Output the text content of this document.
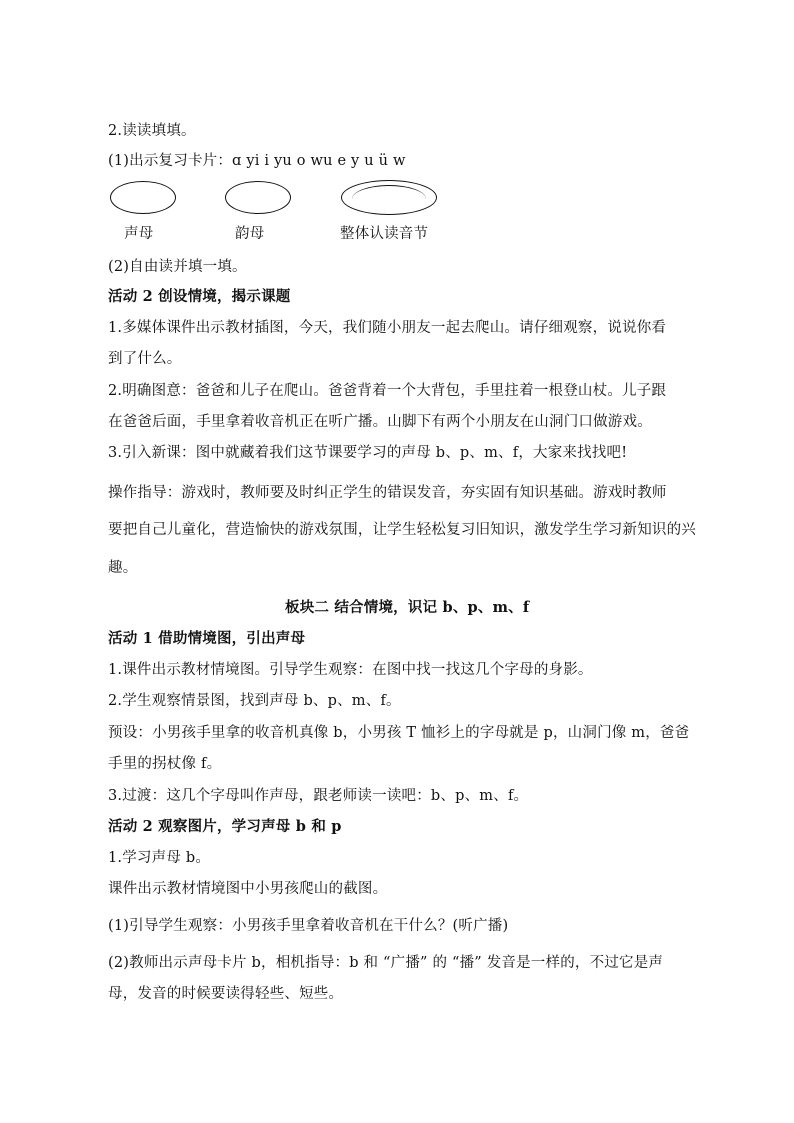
2.读读填填。
(1)出示复习卡片：ɑ yi i yu o wu e y u ü w
声母	韵母	整体认读音节
(2)自由读并填一填。
活动 2 创设情境，揭示课题
1.多媒体课件出示教材插图，今天，我们随小朋友一起去爬山。请仔细观察，说说你看
到了什么。
2.明确图意：爸爸和儿子在爬山。爸爸背着一个大背包，手里拄着一根登山杖。儿子跟
在爸爸后面，手里拿着收音机正在听广播。山脚下有两个小朋友在山洞门口做游戏。
3.引入新课：图中就藏着我们这节课要学习的声母 b、p、m、f，大家来找找吧!
操作指导：游戏时，教师要及时纠正学生的错误发音，夯实固有知识基础。游戏时教师
要把自己儿童化，营造愉快的游戏氛围，让学生轻松复习旧知识，激发学生学习新知识的兴
趣。
板块二 结合情境，识记 b、p、m、f
活动 1 借助情境图，引出声母
1.课件出示教材情境图。引导学生观察：在图中找一找这几个字母的身影。
2.学生观察情景图，找到声母 b、p、m、f。
预设：小男孩手里拿的收音机真像 b，小男孩 T 恤衫上的字母就是 p，山洞门像 m，爸爸
手里的拐杖像 f。
3.过渡：这几个字母叫作声母，跟老师读一读吧：b、p、m、f。
活动 2 观察图片，学习声母 b 和 p
1.学习声母 b。
课件出示教材情境图中小男孩爬山的截图。
(1)引导学生观察：小男孩手里拿着收音机在干什么？(听广播)
(2)教师出示声母卡片 b，相机指导：b 和 “广播” 的 “播” 发音是一样的，不过它是声
母，发音的时候要读得轻些、短些。
